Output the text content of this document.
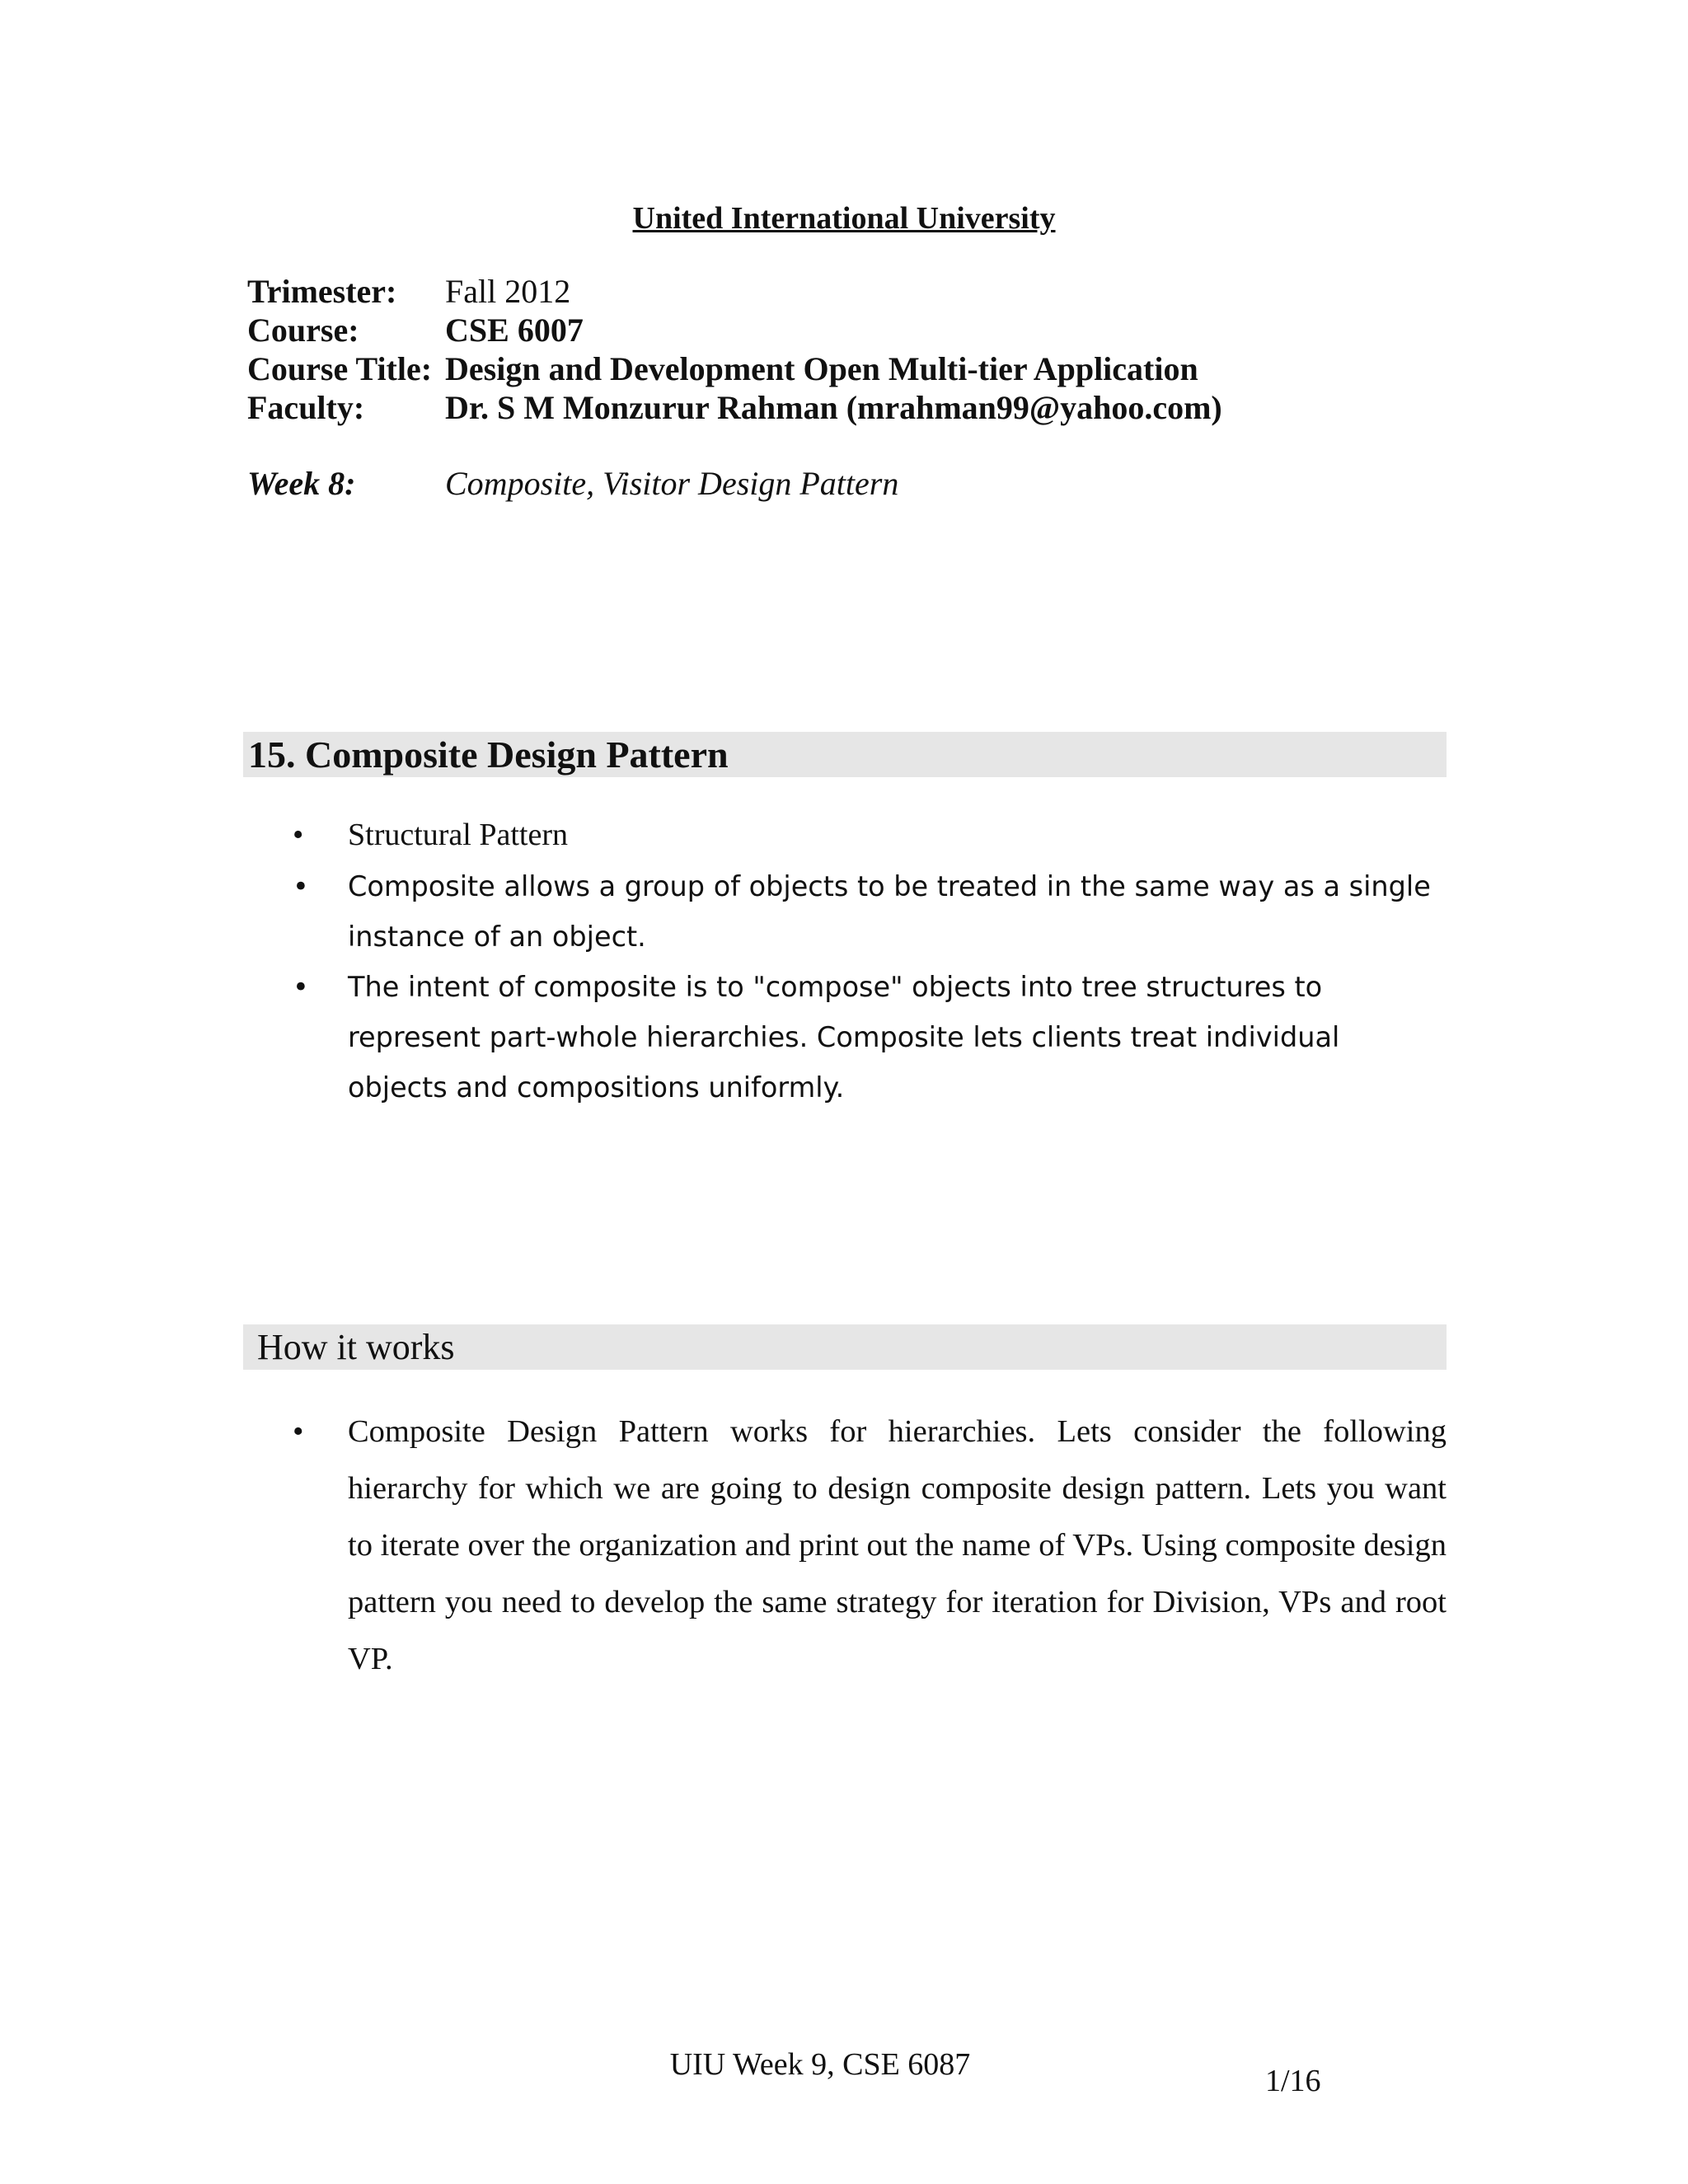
United International University
Trimester:	Fall 2012
Course:	CSE 6007
Course Title: Design and Development Open Multi-tier Application
Faculty:	Dr. S M Monzurur Rahman (mrahman99@yahoo.com)
Week 8:	Composite, Visitor Design Pattern
15. Composite Design Pattern
• Structural Pattern
• Composite allows a group of objects to be treated in the same way as a single instance of an object.
• The intent of composite is to "compose" objects into tree structures to represent part-whole hierarchies. Composite lets clients treat individual objects and compositions uniformly.
How it works
• Composite Design Pattern works for hierarchies. Lets consider the following hierarchy for which we are going to design composite design pattern. Lets you want to iterate over the organization and print out the name of VPs. Using composite design pattern you need to develop the same strategy for iteration for Division, VPs and root VP.
UIU Week 9, CSE 6087	1/16
